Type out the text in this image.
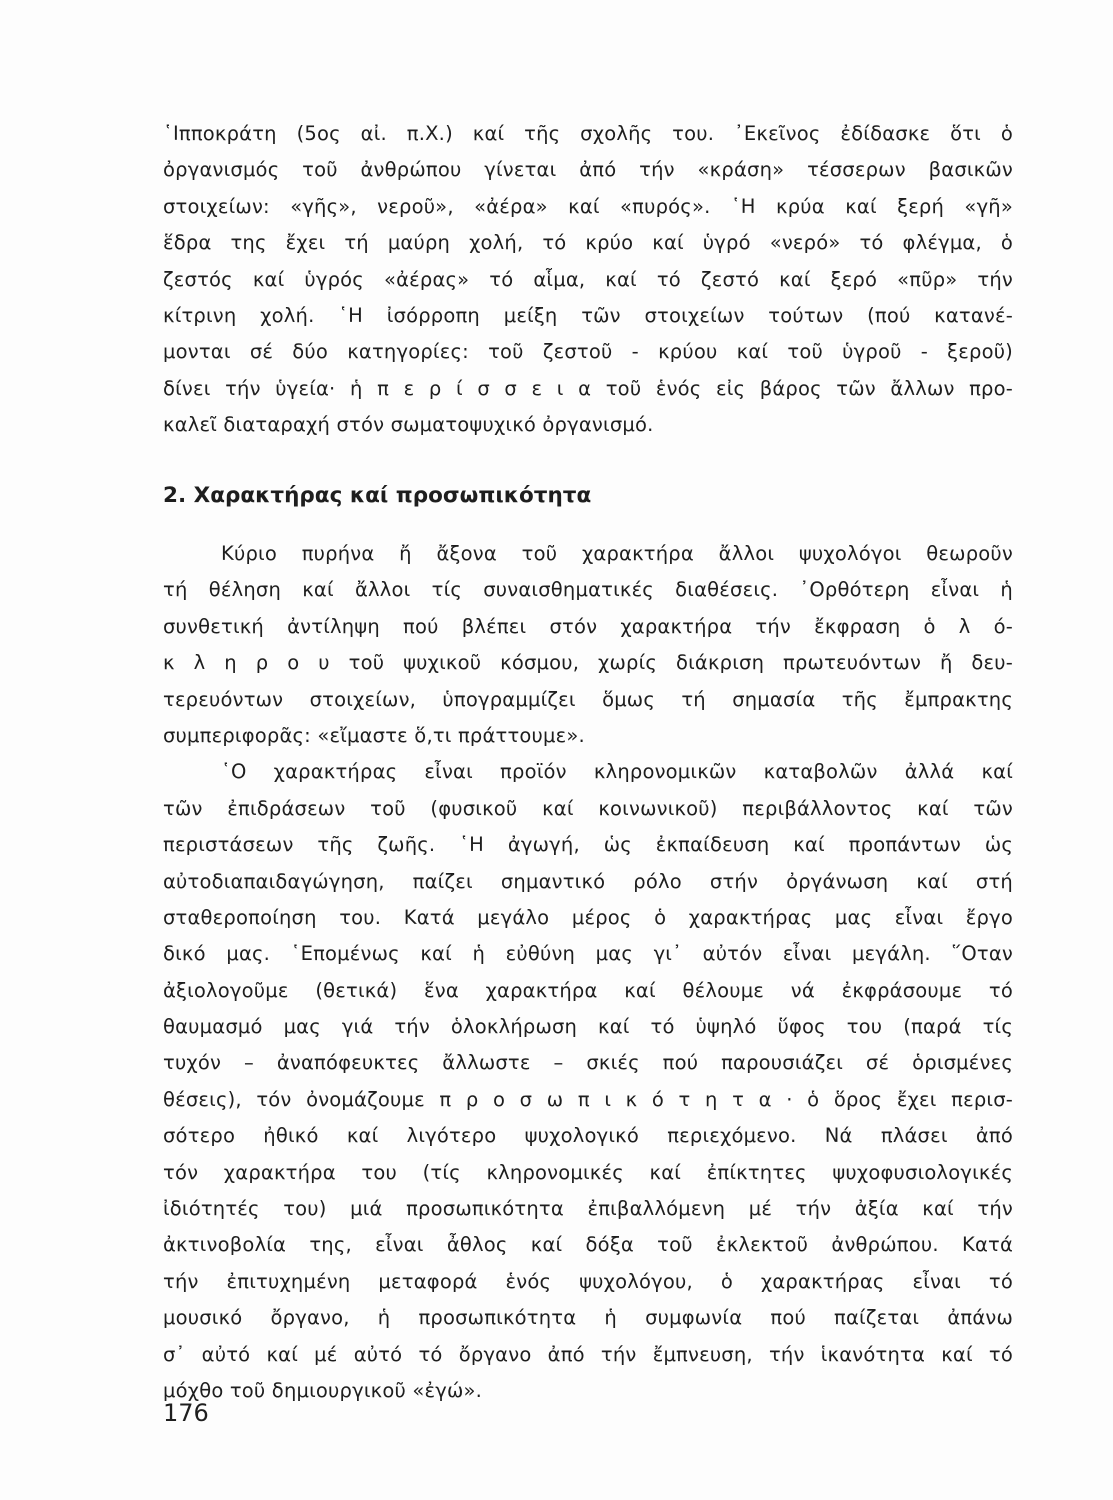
῾Ιπποκράτη (5ος αἰ. π.Χ.) καί τῆς σχολῆς του. ᾿Εκεῖνος ἐδίδασκε ὅτι ὁ
ὀργανισμός τοῦ ἀνθρώπου γίνεται ἀπό τήν «κράση» τέσσερων βασικῶν
στοιχείων: «γῆς», νεροῦ», «ἀέρα» καί «πυρός». ῾Η κρύα καί ξερή «γῆ»
ἕδρα της ἔχει τή μαύρη χολή, τό κρύο καί ὑγρό «νερό» τό φλέγμα, ὁ
ζεστός καί ὑγρός «ἀέρας» τό αἷμα, καί τό ζεστό καί ξερό «πῦρ» τήν
κίτρινη χολή. ῾Η ἰσόρροπη μείξη τῶν στοιχείων τούτων (πού κατανέ-
μονται σέ δύο κατηγορίες: τοῦ ζεστοῦ - κρύου καί τοῦ ὑγροῦ - ξεροῦ)
δίνει τήν ὑγεία· ἡ π ε ρ ί σ σ ε ι α τοῦ ἑνός εἰς βάρος τῶν ἄλλων προ-
καλεῖ διαταραχή στόν σωματοψυχικό ὀργανισμό.
2. Χαρακτήρας καί προσωπικότητα
Κύριο πυρήνα ἤ ἄξονα τοῦ χαρακτήρα ἄλλοι ψυχολόγοι θεωροῦν
τή θέληση καί ἄλλοι τίς συναισθηματικές διαθέσεις. ᾿Ορθότερη εἶναι ἡ
συνθετική ἀντίληψη πού βλέπει στόν χαρακτήρα τήν ἔκφραση ὁ λ ό-
κ λ η ρ ο υ τοῦ ψυχικοῦ κόσμου, χωρίς διάκριση πρωτευόντων ἤ δευ-
τερευόντων στοιχείων, ὑπογραμμίζει ὅμως τή σημασία τῆς ἔμπρακτης
συμπεριφορᾶς: «εἴμαστε ὅ,τι πράττουμε».
῾Ο χαρακτήρας εἶναι προϊόν κληρονομικῶν καταβολῶν ἀλλά καί
τῶν ἐπιδράσεων τοῦ (φυσικοῦ καί κοινωνικοῦ) περιβάλλοντος καί τῶν
περιστάσεων τῆς ζωῆς. ῾Η ἀγωγή, ὡς ἐκπαίδευση καί προπάντων ὡς
αὐτοδιαπαιδαγώγηση, παίζει σημαντικό ρόλο στήν ὀργάνωση καί στή
σταθεροποίηση του. Κατά μεγάλο μέρος ὁ χαρακτήρας μας εἶναι ἔργο
δικό μας. ῾Επομένως καί ἡ εὐθύνη μας γι᾿ αὐτόν εἶναι μεγάλη. ῞Οταν
ἀξιολογοῦμε (θετικά) ἕνα χαρακτήρα καί θέλουμε νά ἐκφράσουμε τό
θαυμασμό μας γιά τήν ὁλοκλήρωση καί τό ὑψηλό ὕφος του (παρά τίς
τυχόν – ἀναπόφευκτες ἄλλωστε – σκιές πού παρουσιάζει σέ ὁρισμένες
θέσεις), τόν ὀνομάζουμε π ρ ο σ ω π ι κ ό τ η τ α · ὁ ὅρος ἔχει περισ-
σότερο ἠθικό καί λιγότερο ψυχολογικό περιεχόμενο. Νά πλάσει ἀπό
τόν χαρακτήρα του (τίς κληρονομικές καί ἐπίκτητες ψυχοφυσιολογικές
ἰδιότητές του) μιά προσωπικότητα ἐπιβαλλόμενη μέ τήν ἀξία καί τήν
ἀκτινοβολία της, εἶναι ἆθλος καί δόξα τοῦ ἐκλεκτοῦ ἀνθρώπου. Κατά
τήν ἐπιτυχημένη μεταφορά ἑνός ψυχολόγου, ὁ χαρακτήρας εἶναι τό
μουσικό ὄργανο, ἡ προσωπικότητα ἡ συμφωνία πού παίζεται ἀπάνω
σ᾿ αὐτό καί μέ αὐτό τό ὄργανο ἀπό τήν ἔμπνευση, τήν ἱκανότητα καί τό
μόχθο τοῦ δημιουργικοῦ «ἐγώ».
176
